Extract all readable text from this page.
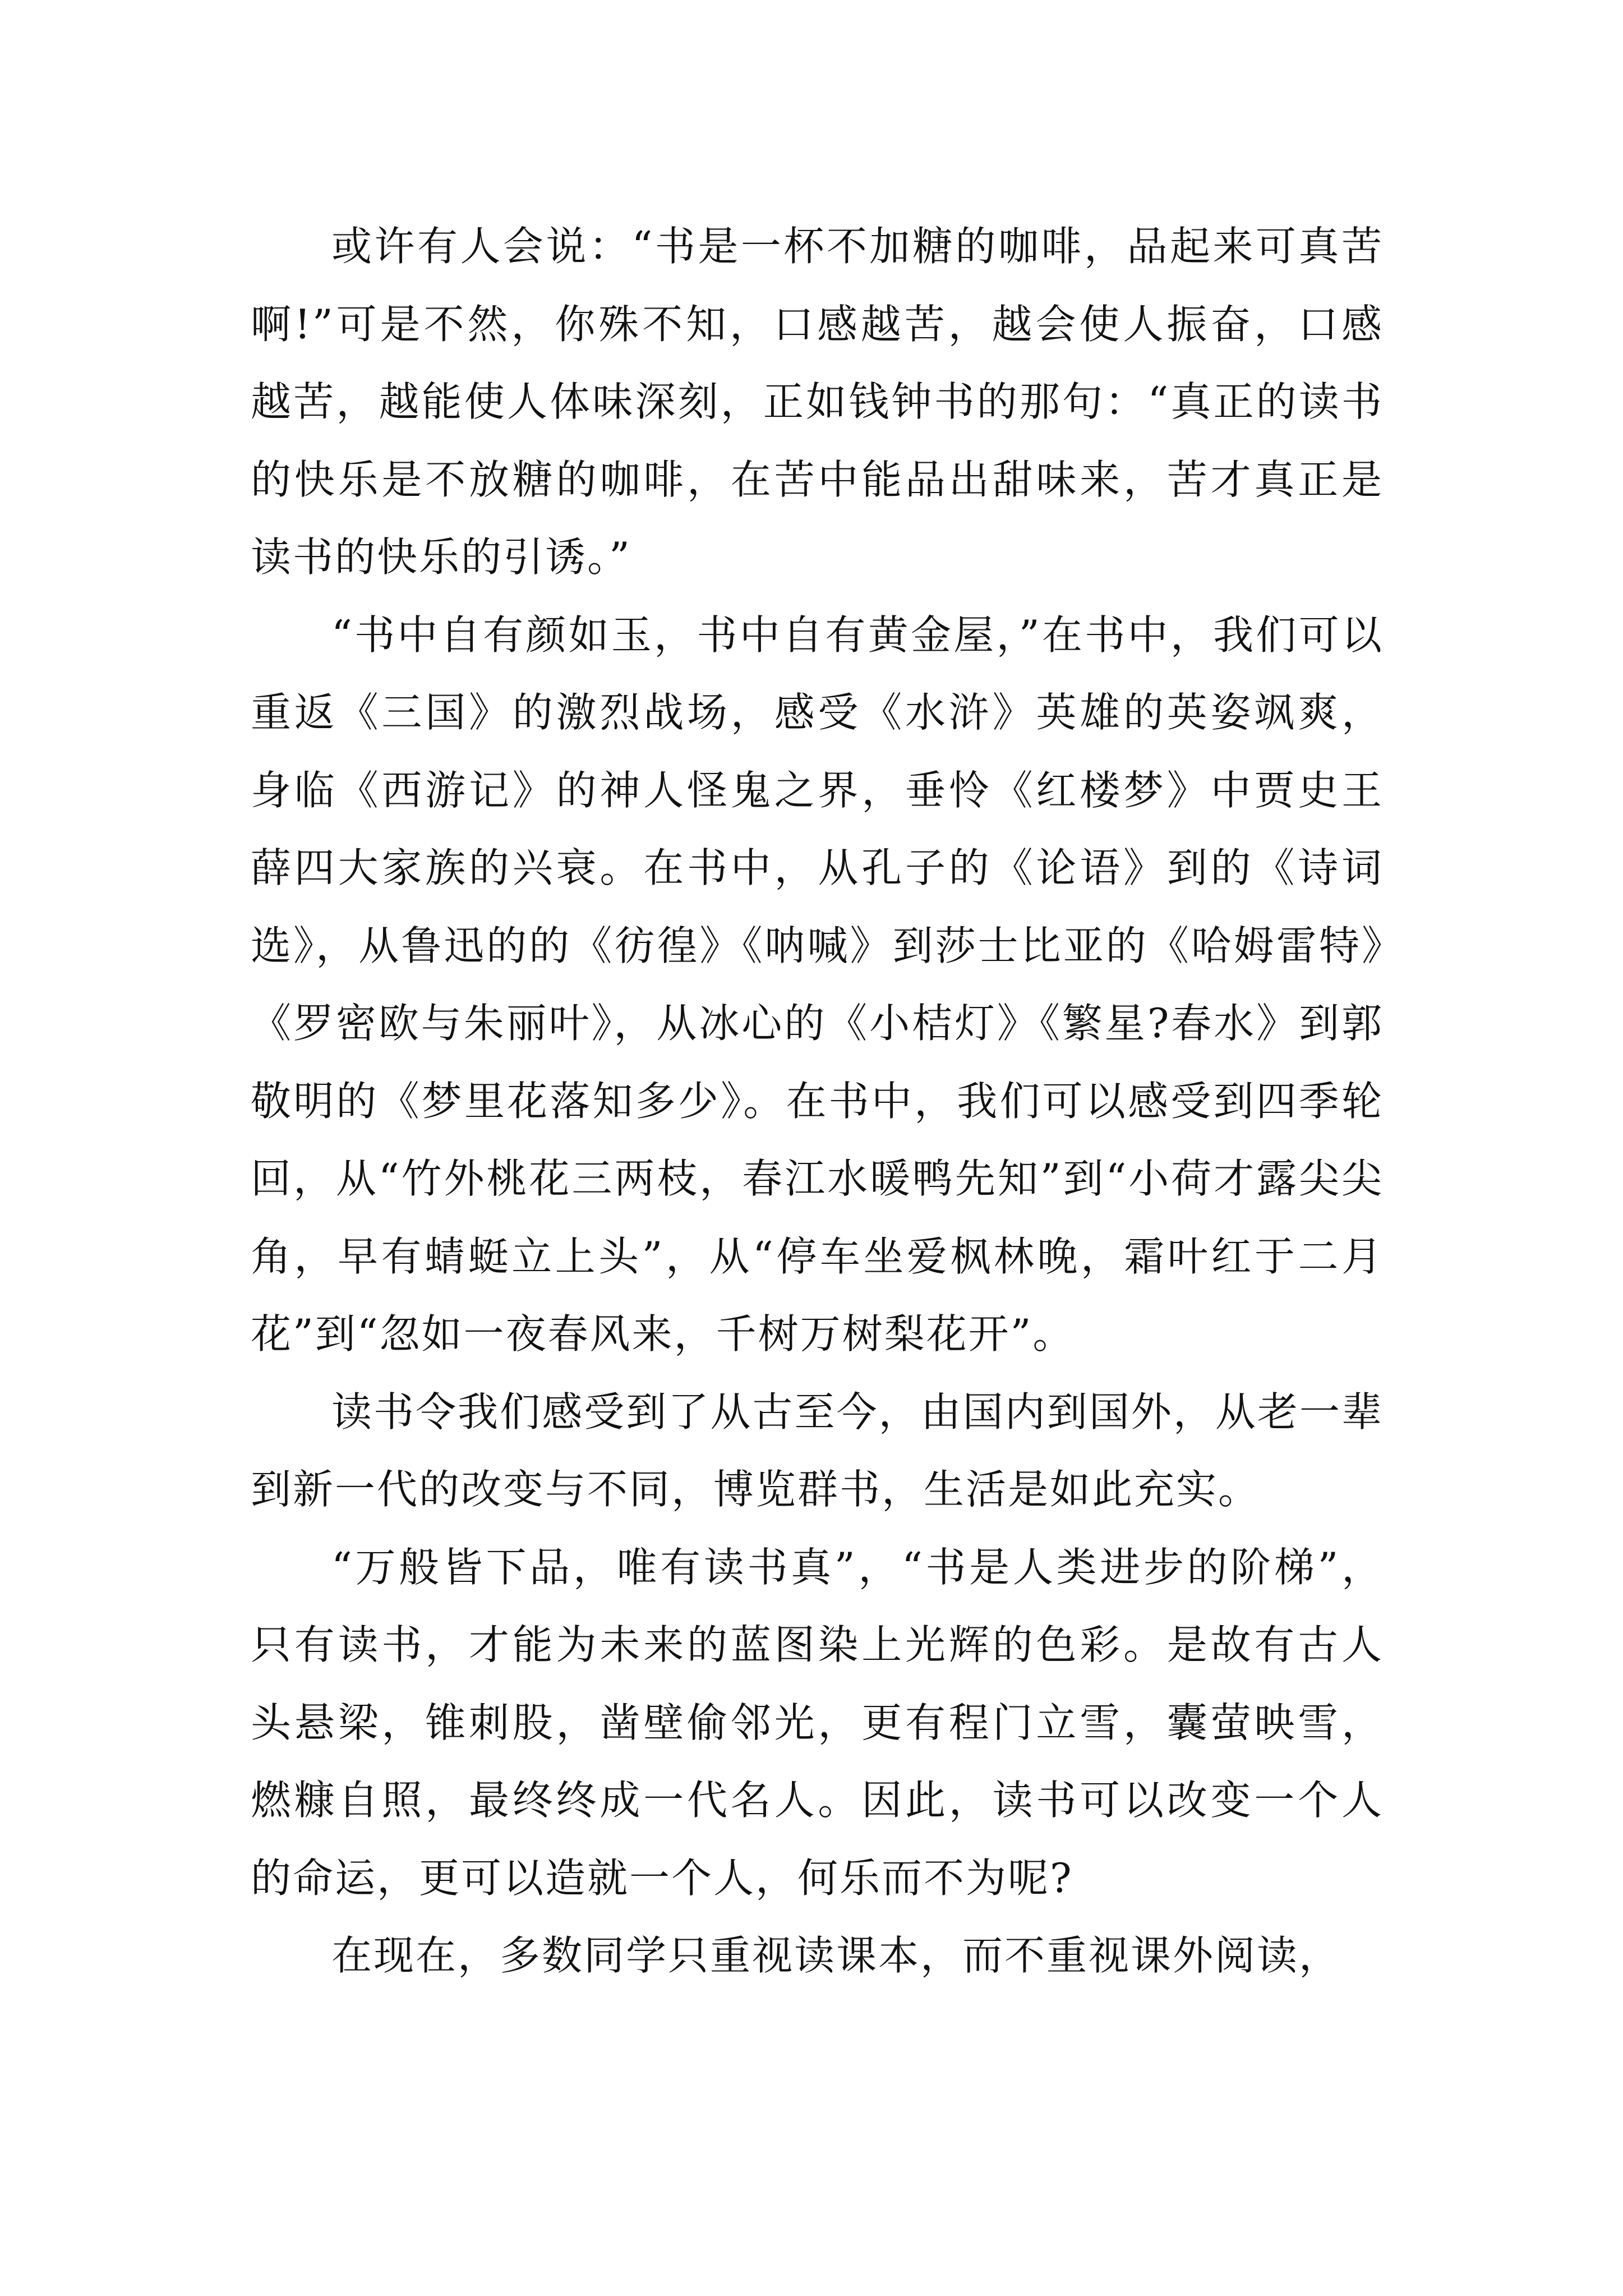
或许有人会说：“书是一杯不加糖的咖啡，品起来可真苦啊!”可是不然，你殊不知，口感越苦，越会使人振奋，口感越苦，越能使人体味深刻，正如钱钟书的那句：“真正的读书的快乐是不放糖的咖啡，在苦中能品出甜味来，苦才真正是读书的快乐的引诱。”

“书中自有颜如玉，书中自有黄金屋，”在书中，我们可以重返《三国》的激烈战场，感受《水浒》英雄的英姿飒爽，身临《西游记》的神人怪鬼之界，垂怜《红楼梦》中贾史王薛四大家族的兴衰。在书中，从孔子的《论语》到的《诗词选》，从鲁迅的的《彷徨》《呐喊》到莎士比亚的《哈姆雷特》《罗密欧与朱丽叶》，从冰心的《小桔灯》《繁星?春水》到郭敬明的《梦里花落知多少》。在书中，我们可以感受到四季轮回，从“竹外桃花三两枝，春江水暖鸭先知”到“小荷才露尖尖角，早有蜻蜓立上头”，从“停车坐爱枫林晚，霜叶红于二月花”到“忽如一夜春风来，千树万树梨花开”。

读书令我们感受到了从古至今，由国内到国外，从老一辈到新一代的改变与不同，博览群书，生活是如此充实。

“万般皆下品，唯有读书真”，“书是人类进步的阶梯”，只有读书，才能为未来的蓝图染上光辉的色彩。是故有古人头悬梁，锥刺股，凿壁偷邻光，更有程门立雪，囊萤映雪，燃糠自照，最终终成一代名人。因此，读书可以改变一个人的命运，更可以造就一个人，何乐而不为呢?

在现在，多数同学只重视读课本，而不重视课外阅读，
